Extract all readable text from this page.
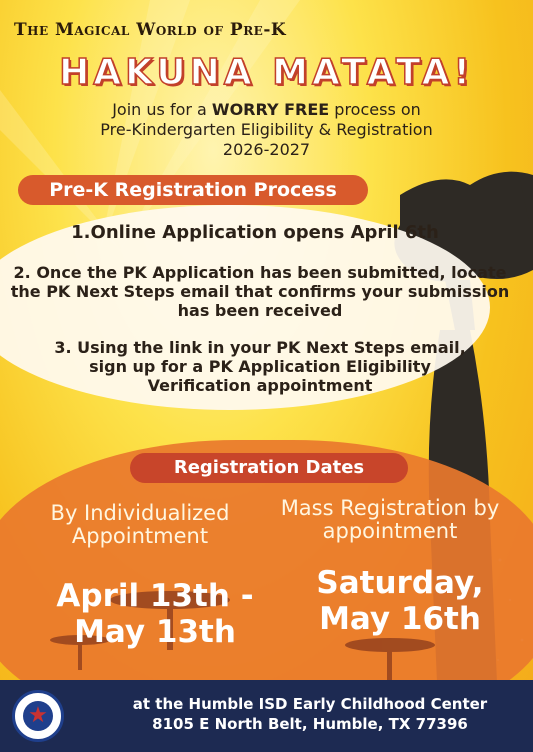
The Magical World of Pre-K
HAKUNA MATATA!
Join us for a WORRY FREE process on
Pre-Kindergarten Eligibility & Registration
2026-2027
Pre-K Registration Process
1.Online Application opens April 6th
2. Once the PK Application has been submitted, locate the PK Next Steps email that confirms your submission has been received
3. Using the link in your PK Next Steps email, sign up for a PK Application Eligibility Verification appointment
Registration Dates
By Individualized Appointment
Mass Registration by appointment
April 13th - May 13th
Saturday, May 16th
★	at the Humble ISD Early Childhood Center
8105 E North Belt, Humble, TX 77396
